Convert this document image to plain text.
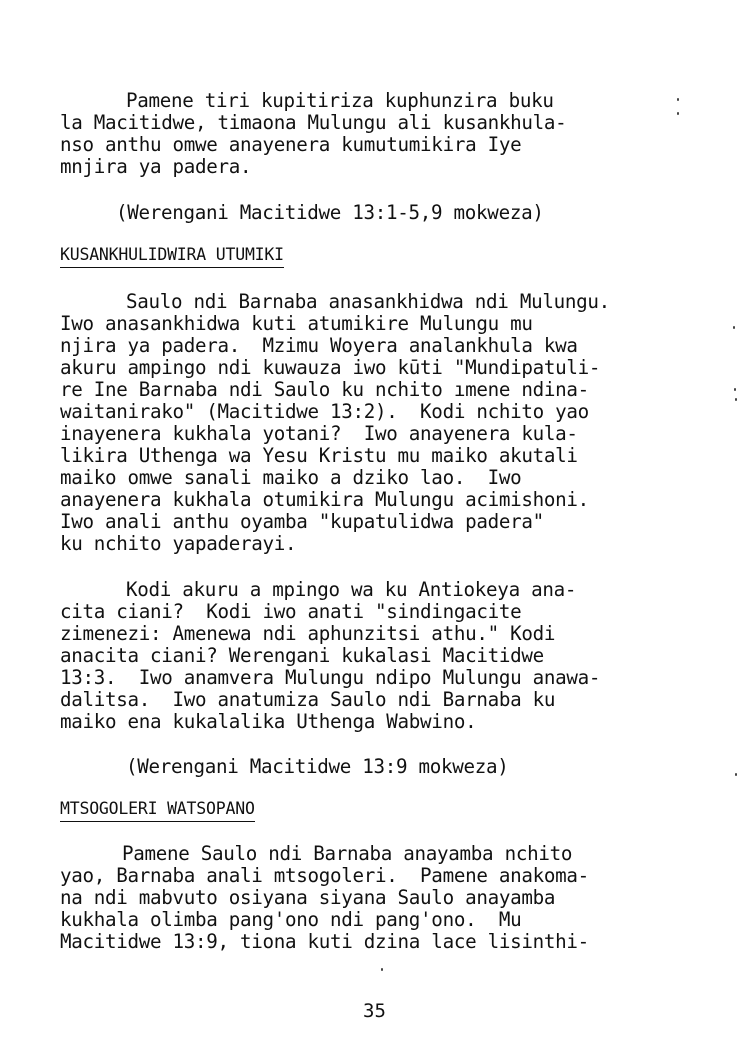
Pamene tiri kupitiriza kuphunzira buku
la Macitidwe, timaona Mulungu ali kusankhula-
nso anthu omwe anayenera kumutumikira Iye
mnjira ya padera.
(Werengani Macitidwe 13:1-5,9 mokweza)
KUSANKHULIDWIRA UTUMIKI
Saulo ndi Barnaba anasankhidwa ndi Mulungu.
Iwo anasankhidwa kuti atumikire Mulungu mu
njira ya padera.  Mzimu Woyera analankhula kwa
akuru ampingo ndi kuwauza iwo kūti "Mundipatuli-
re Ine Barnaba ndi Saulo ku nchito ımene ndina-
waitanirako" (Macitidwe 13:2).  Kodi nchito yao
inayenera kukhala yotani?  Iwo anayenera kula-
likira Uthenga wa Yesu Kristu mu maiko akutali
maiko omwe sanali maiko a dziko lao.  Iwo
anayenera kukhala otumikira Mulungu acimishoni.
Iwo anali anthu oyamba "kupatulidwa padera"
ku nchito yapaderayi.
Kodi akuru a mpingo wa ku Antiokeya ana-
cita ciani?  Kodi iwo anati "sindingacite
zimenezi: Amenewa ndi aphunzitsi athu." Kodi
anacita ciani? Werengani kukalasi Macitidwe
13:3.  Iwo anamvera Mulungu ndipo Mulungu anawa-
dalitsa.  Iwo anatumiza Saulo ndi Barnaba ku
maiko ena kukalalika Uthenga Wabwino.
(Werengani Macitidwe 13:9 mokweza)
MTSOGOLERI WATSOPANO
Pamene Saulo ndi Barnaba anayamba nchito
yao, Barnaba anali mtsogoleri.  Pamene anakoma-
na ndi mabvuto osiyana siyana Saulo anayamba
kukhala olimba pang'ono ndi pang'ono.  Mu
Macitidwe 13:9, tiona kuti dzina lace lisinthi-
35
